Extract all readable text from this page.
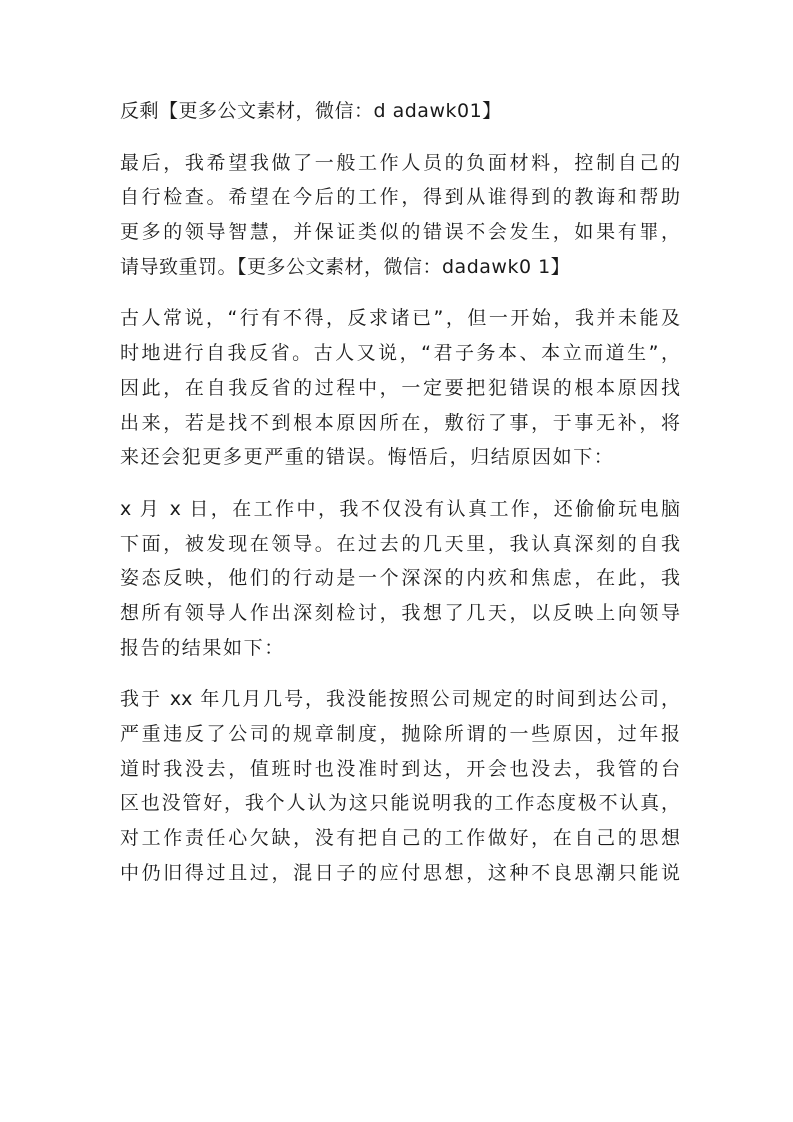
反剩【更多公文素材，微信：d adawk01】

最后，我希望我做了一般工作人员的负面材料，控制自己的
自行检查。希望在今后的工作，得到从谁得到的教诲和帮助
更多的领导智慧，并保证类似的错误不会发生，如果有罪，
请导致重罚。【更多公文素材，微信：dadawk0 1】

古人常说，“行有不得，反求诸已”，但一开始，我并未能及
时地进行自我反省。古人又说，“君子务本、本立而道生”，
因此，在自我反省的过程中，一定要把犯错误的根本原因找
出来，若是找不到根本原因所在，敷衍了事，于事无补，将
来还会犯更多更严重的错误。悔悟后，归结原因如下：

x 月 x 日，在工作中，我不仅没有认真工作，还偷偷玩电脑
下面，被发现在领导。在过去的几天里，我认真深刻的自我
姿态反映，他们的行动是一个深深的内疚和焦虑，在此，我
想所有领导人作出深刻检讨，我想了几天，以反映上向领导
报告的结果如下：

我于 xx 年几月几号，我没能按照公司规定的时间到达公司，
严重违反了公司的规章制度，抛除所谓的一些原因，过年报
道时我没去，值班时也没准时到达，开会也没去，我管的台
区也没管好，我个人认为这只能说明我的工作态度极不认真，
对工作责任心欠缺，没有把自己的工作做好，在自己的思想
中仍旧得过且过，混日子的应付思想，这种不良思潮只能说
